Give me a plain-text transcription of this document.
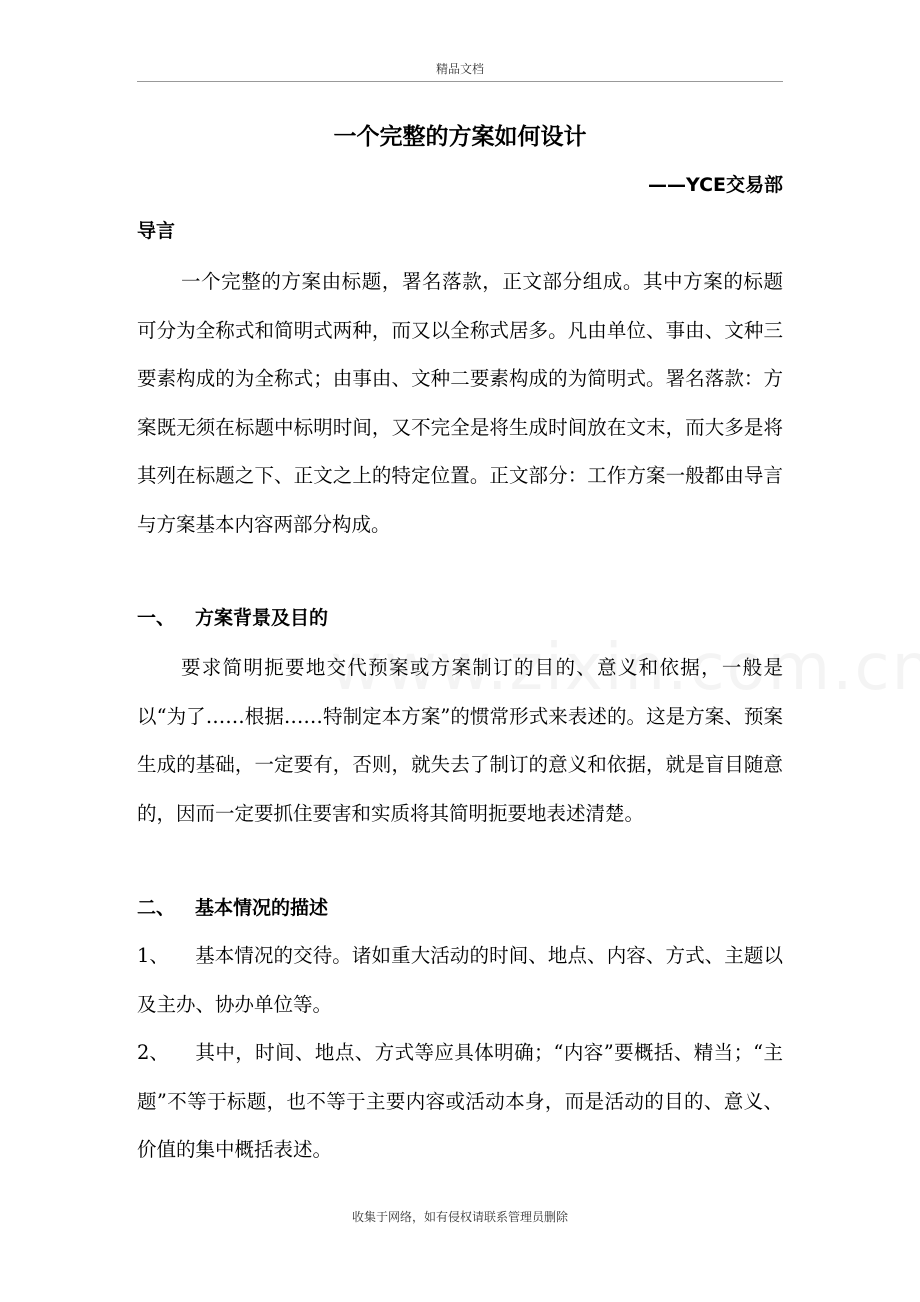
精品文档
一个完整的方案如何设计
——YCE交易部
导言

一个完整的方案由标题，署名落款，正文部分组成。其中方案的标题可分为全称式和简明式两种，而又以全称式居多。凡由单位、事由、文种三要素构成的为全称式；由事由、文种二要素构成的为简明式。署名落款：方案既无须在标题中标明时间，又不完全是将生成时间放在文末，而大多是将其列在标题之下、正文之上的特定位置。正文部分：工作方案一般都由导言与方案基本内容两部分构成。

一、 方案背景及目的

要求简明扼要地交代预案或方案制订的目的、意义和依据，一般是以“为了……根据……特制定本方案”的惯常形式来表述的。这是方案、预案生成的基础，一定要有，否则，就失去了制订的意义和依据，就是盲目随意的，因而一定要抓住要害和实质将其简明扼要地表述清楚。

二、 基本情况的描述

1、 基本情况的交待。诸如重大活动的时间、地点、内容、方式、主题以及主办、协办单位等。

2、 其中，时间、地点、方式等应具体明确；“内容”要概括、精当；“主题”不等于标题，也不等于主要内容或活动本身，而是活动的目的、意义、价值的集中概括表述。

收集于网络，如有侵权请联系管理员删除
